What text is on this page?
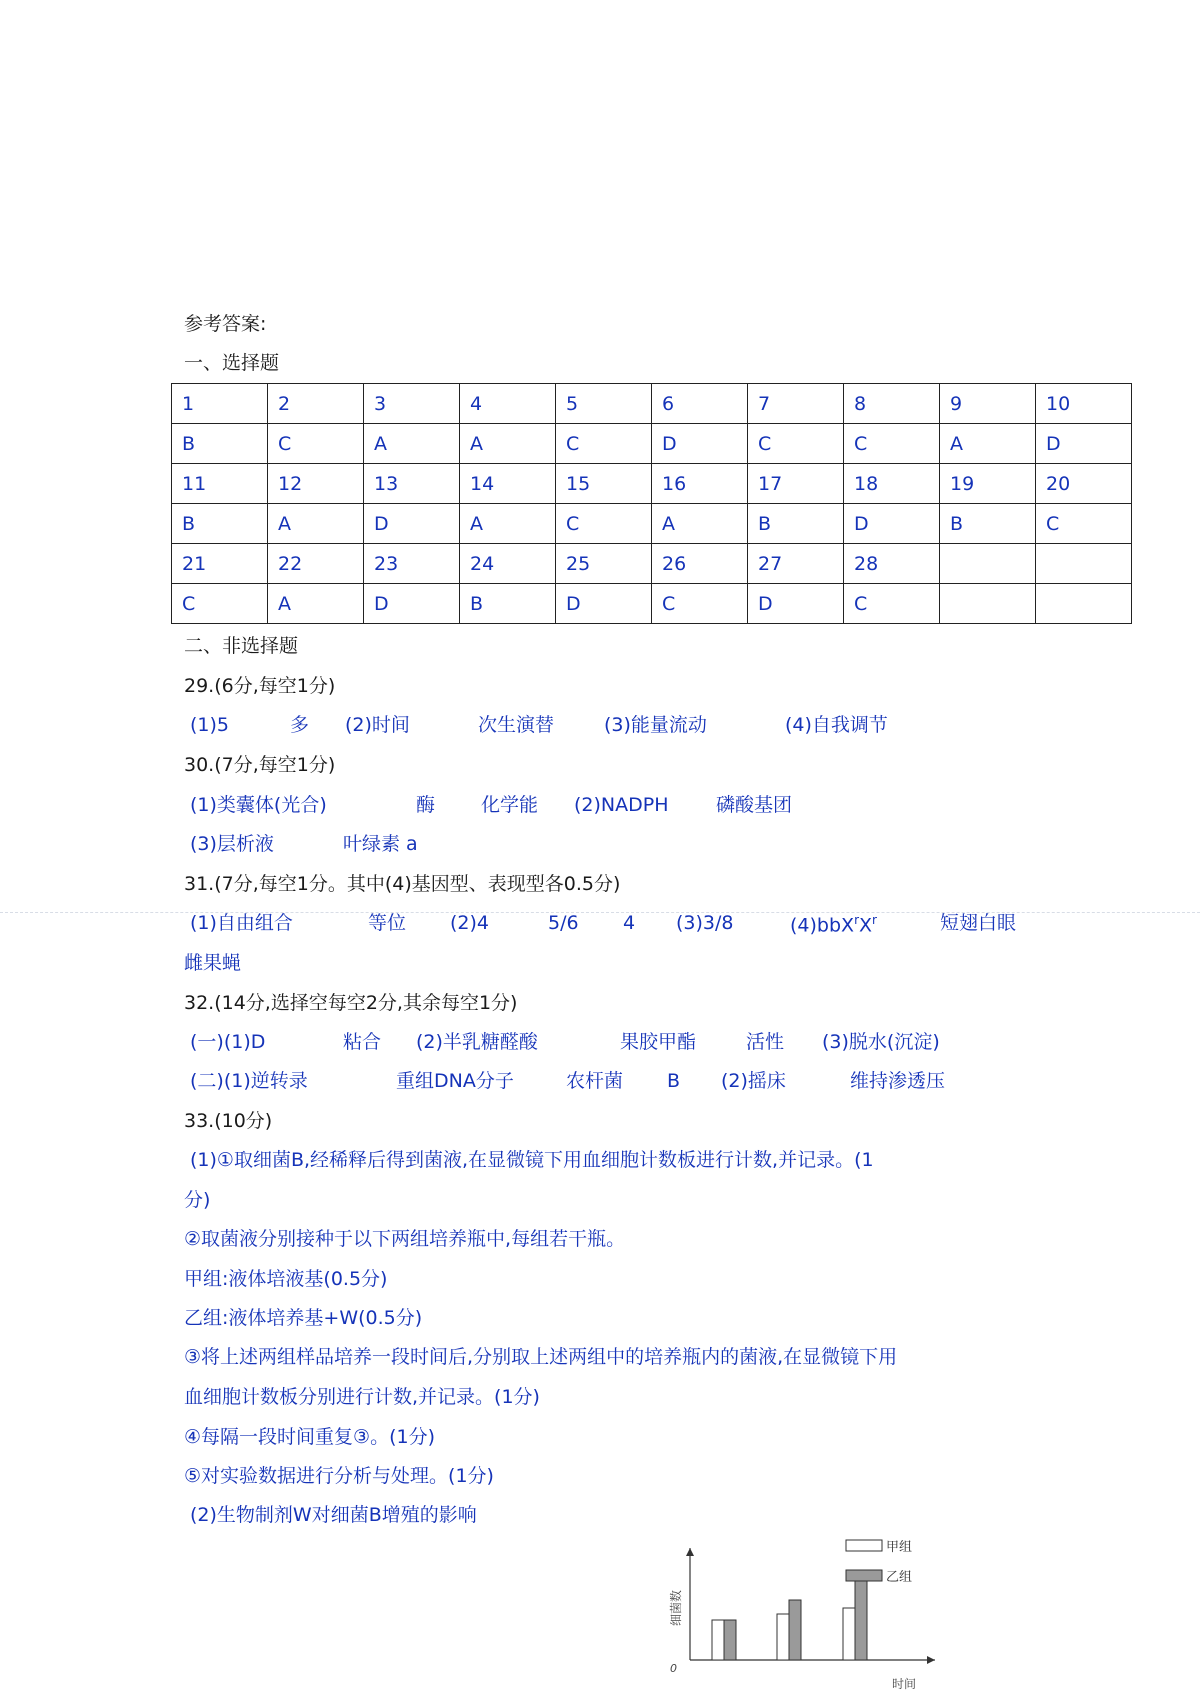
参考答案:
一、选择题
1	2	3	4	5	6	7	8	9	10
B	C	A	A	C	D	C	C	A	D
11	12	13	14	15	16	17	18	19	20
B	A	D	A	C	A	B	D	B	C
21	22	23	24	25	26	27	28		
C	A	D	B	D	C	D	C		
二、非选择题
29.(6分,每空1分)
(1)5	多 (2)时间	次生演替	(3)能量流动	(4)自我调节
30.(7分,每空1分)
(1)类囊体(光合)	酶 化学能 (2)NADPH	磷酸基团
(3)层析液	叶绿素 a
31.(7分,每空1分。其中(4)基因型、表现型各0.5分)
(1)自由组合	等位 (2)4	5/6 4 (3)3/8	$(4)bbX^rX^r$	短翅白眼
雌果蝇
32.(14分,选择空每空2分,其余每空1分)
(一)(1)D	粘合 (2)半乳糖醛酸	果胶甲酯	活性 (3)脱水(沉淀)
(二)(1)逆转录	重组DNA分子	农杆菌 B (2)摇床	维持渗透压
33.(10分)
(1)①取细菌B,经稀释后得到菌液,在显微镜下用血细胞计数板进行计数,并记录。(1
分)
②取菌液分别接种于以下两组培养瓶中,每组若干瓶。
甲组:液体培液基(0.5分)
乙组:液体培养基+W(0.5分)
③将上述两组样品培养一段时间后,分别取上述两组中的培养瓶内的菌液,在显微镜下用
血细胞计数板分别进行计数,并记录。(1分)
④每隔一段时间重复③。(1分)
⑤对实验数据进行分析与处理。(1分)
(2)生物制剂W对细菌B增殖的影响
细菌数
时间
0
甲组
乙组
